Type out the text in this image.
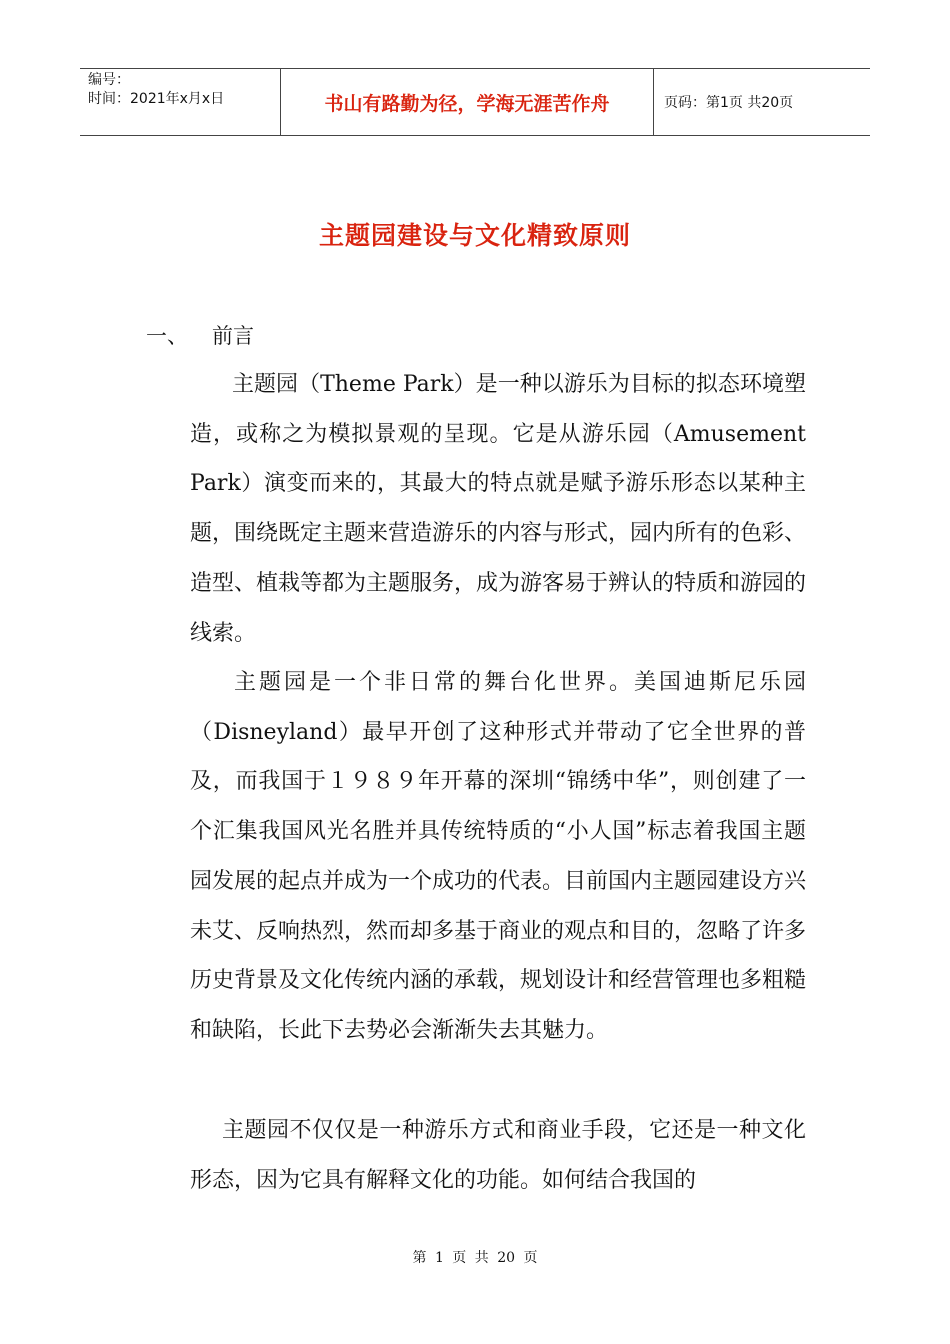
编号：
时间：2021年x月x日	书山有路勤为径，学海无涯苦作舟	页码：第1页 共20页
主题园建设与文化精致原则
一、 前言

主题园（Theme Park）是一种以游乐为目标的拟态环境塑造，或称之为模拟景观的呈现。它是从游乐园（Amusement Park）演变而来的，其最大的特点就是赋予游乐形态以某种主题，围绕既定主题来营造游乐的内容与形式，园内所有的色彩、造型、植栽等都为主题服务，成为游客易于辨认的特质和游园的线索。

主题园是一个非日常的舞台化世界。美国迪斯尼乐园（Disneyland）最早开创了这种形式并带动了它全世界的普及，而我国于１９８９年开幕的深圳“锦绣中华”，则创建了一个汇集我国风光名胜并具传统特质的“小人国”标志着我国主题园发展的起点并成为一个成功的代表。目前国内主题园建设方兴未艾、反响热烈，然而却多基于商业的观点和目的，忽略了许多历史背景及文化传统内涵的承载，规划设计和经营管理也多粗糙和缺陷，长此下去势必会渐渐失去其魅力。

主题园不仅仅是一种游乐方式和商业手段，它还是一种文化形态，因为它具有解释文化的功能。如何结合我国的

第 1 页 共 20 页
